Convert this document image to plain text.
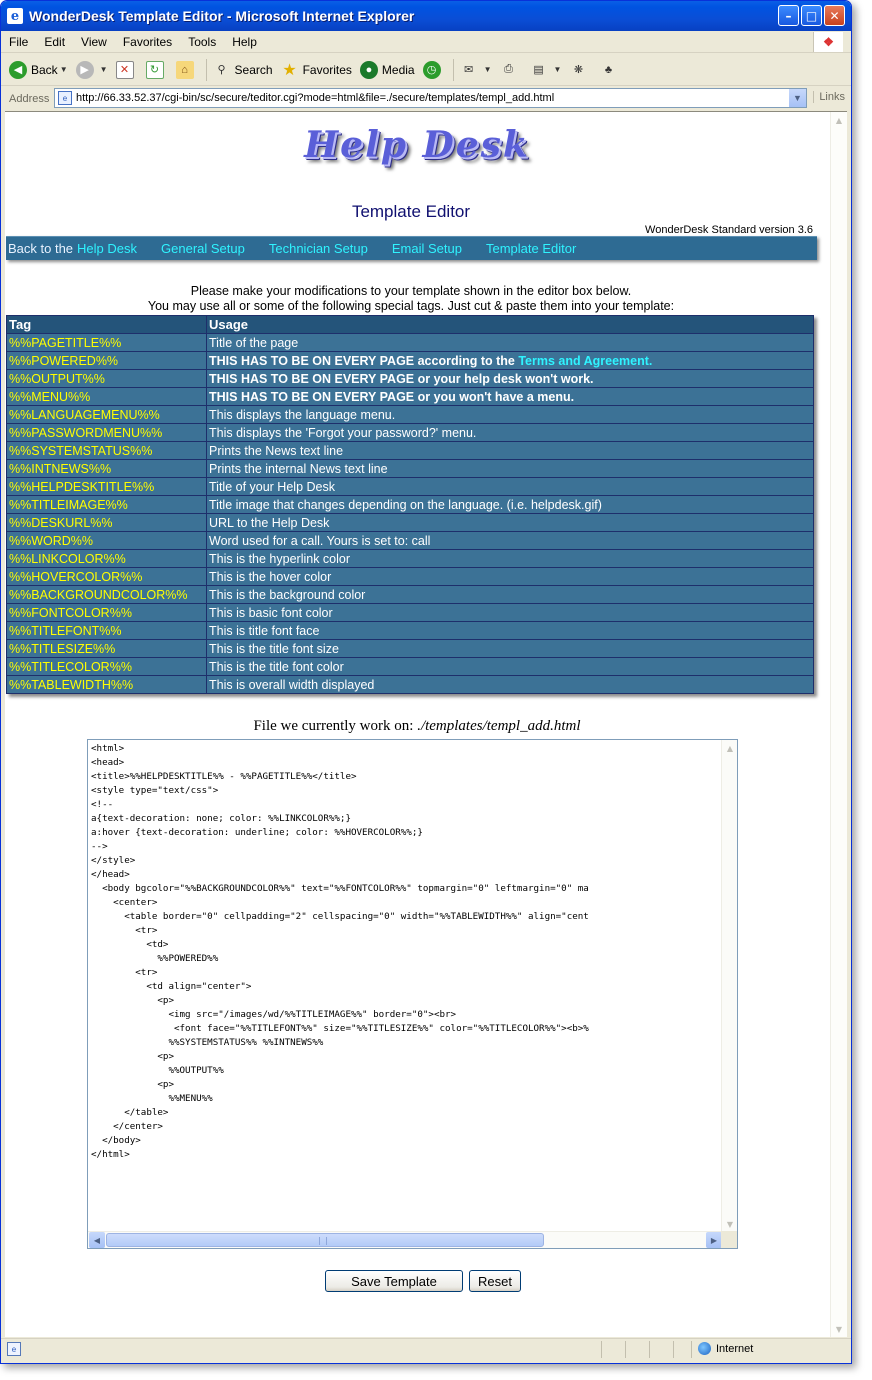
e WonderDesk Template Editor - Microsoft Internet Explorer	–	□	✕
File	Edit	View	Favorites	Tools	Help	❖
◀ Back ▼	▶	▼	✕	↻	⌂	⚲ Search ★ Favorites	● Media	◷	✉	▼	⎙	▤	▼	❋	♣
Address	e http://66.33.52.37/cgi-bin/sc/secure/teditor.cgi?mode=html&file=./secure/templates/templ_add.html	▼	Links
Help Desk
Template Editor
WonderDesk Standard version 3.6
Back to the Help Desk General Setup Technician Setup Email Setup Template Editor
Please make your modifications to your template shown in the editor box below.
You may use all or some of the following special tags. Just cut & paste them into your template:
Tag	Usage
%%PAGETITLE%%	Title of the page
%%POWERED%%	THIS HAS TO BE ON EVERY PAGE according to the Terms and Agreement.
%%OUTPUT%%	THIS HAS TO BE ON EVERY PAGE or your help desk won't work.
%%MENU%%	THIS HAS TO BE ON EVERY PAGE or you won't have a menu.
%%LANGUAGEMENU%%	This displays the language menu.
%%PASSWORDMENU%%	This displays the 'Forgot your password?' menu.
%%SYSTEMSTATUS%%	Prints the News text line
%%INTNEWS%%	Prints the internal News text line
%%HELPDESKTITLE%%	Title of your Help Desk
%%TITLEIMAGE%%	Title image that changes depending on the language. (i.e. helpdesk.gif)
%%DESKURL%%	URL to the Help Desk
%%WORD%%	Word used for a call. Yours is set to: call
%%LINKCOLOR%%	This is the hyperlink color
%%HOVERCOLOR%%	This is the hover color
%%BACKGROUNDCOLOR%%	This is the background color
%%FONTCOLOR%%	This is basic font color
%%TITLEFONT%%	This is title font face
%%TITLESIZE%%	This is the title font size
%%TITLECOLOR%%	This is the title font color
%%TABLEWIDTH%%	This is overall width displayed
File we currently work on: ./templates/templ_add.html
<html>
<head>
<title>%%HELPDESKTITLE%% - %%PAGETITLE%%</title>
<style type="text/css">
<!--
a{text-decoration: none; color: %%LINKCOLOR%%;}
a:hover {text-decoration: underline; color: %%HOVERCOLOR%%;}
-->
</style>
</head>
<body bgcolor="%%BACKGROUNDCOLOR%%" text="%%FONTCOLOR%%" topmargin="0" leftmargin="0" ma
<center>
<table border="0" cellpadding="2" cellspacing="0" width="%%TABLEWIDTH%%" align="cent
<tr>
<td>
%%POWERED%%
<tr>
<td align="center">
<p>
<img src="/images/wd/%%TITLEIMAGE%%" border="0"><br>
<font face="%%TITLEFONT%%" size="%%TITLESIZE%%" color="%%TITLECOLOR%%"><b>%
%%SYSTEMSTATUS%% %%INTNEWS%%
<p>
%%OUTPUT%%
<p>
%%MENU%%
</table>
</center>
</body>
</html>
▲
▼
◀	▶
Save Template	Reset
▲
▼
e	Internet
